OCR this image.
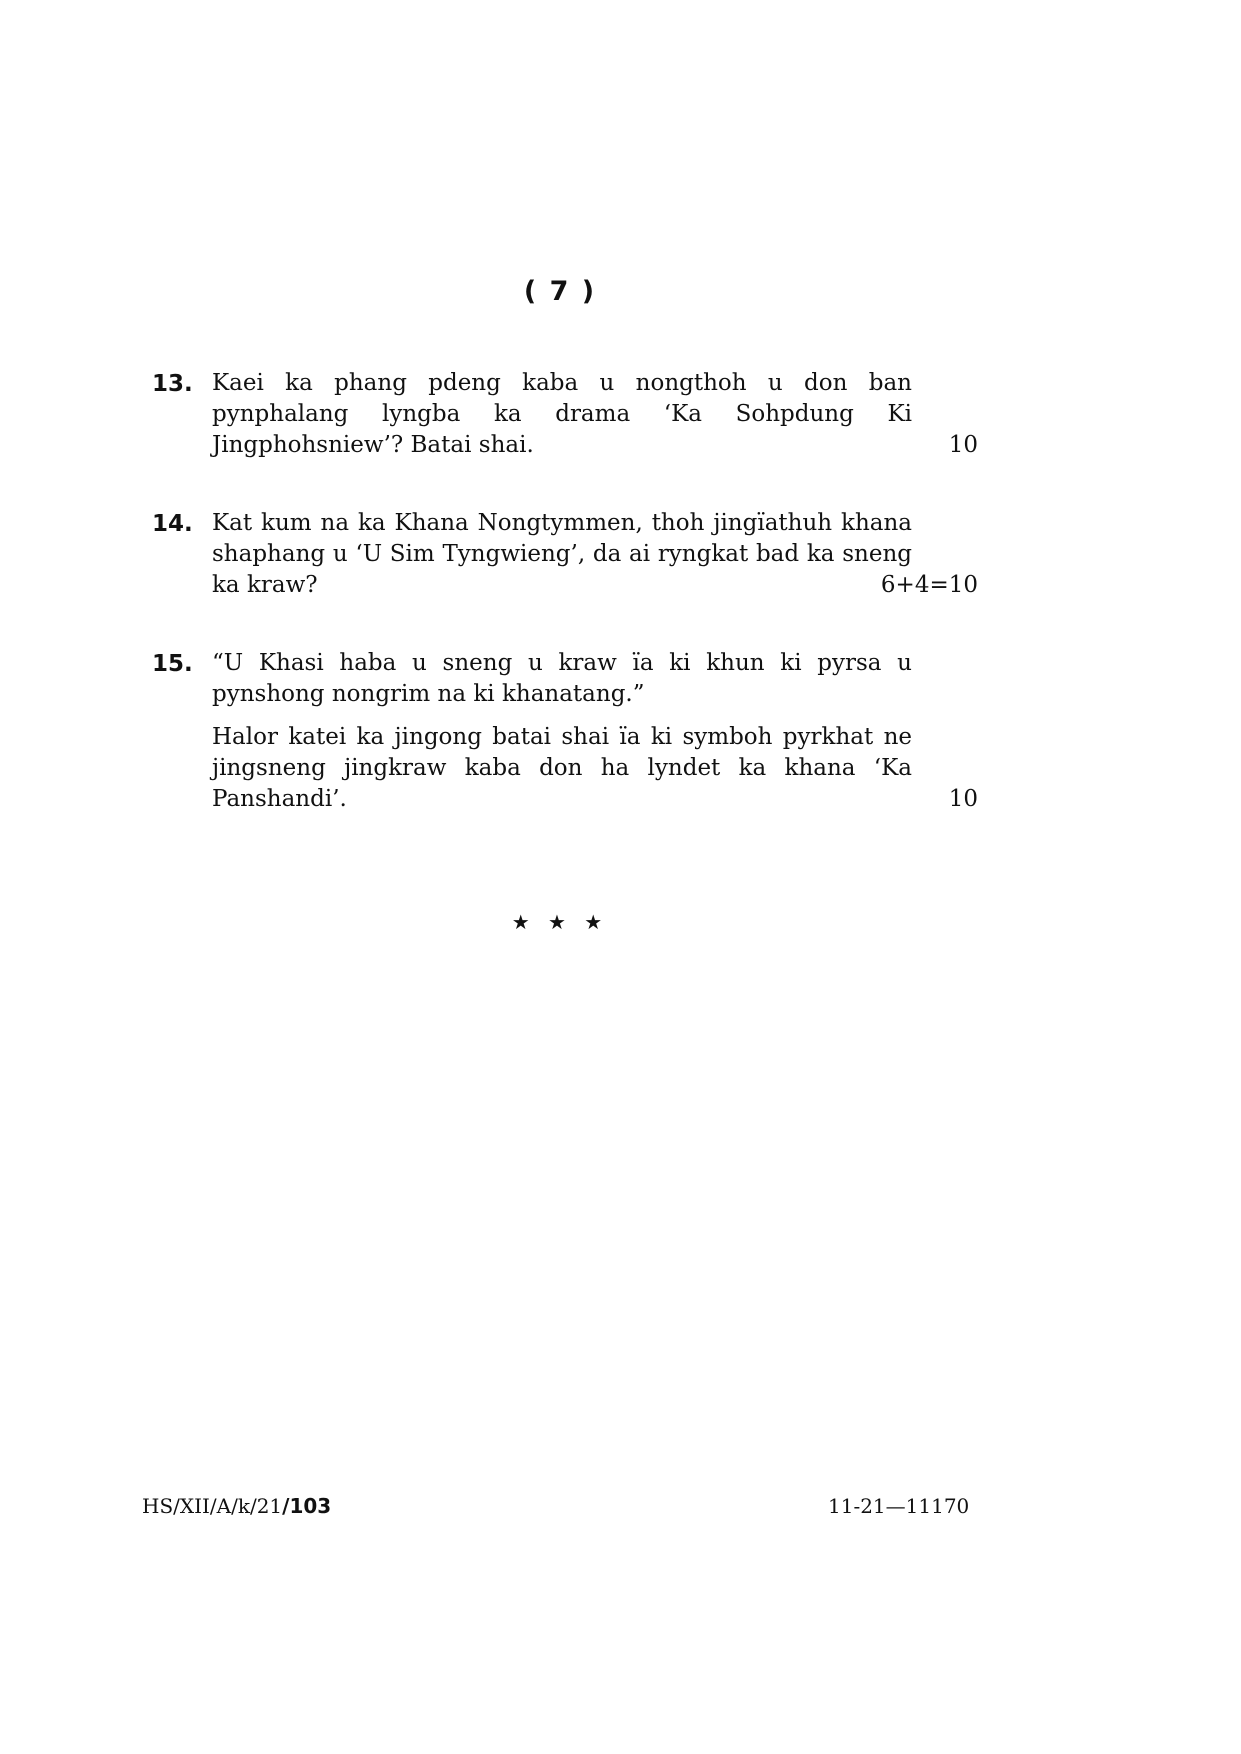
( 7 )
13. Kaei ka phang pdeng kaba u nongthoh u don ban pynphalang lyngba ka drama ‘Ka Sohpdung Ki Jingphohsniew’? Batai shai.	10
14. Kat kum na ka Khana Nongtymmen, thoh jingïathuh khana shaphang u ‘U Sim Tyngwieng’, da ai ryngkat bad ka sneng ka kraw?	6+4=10
15. “U Khasi haba u sneng u kraw ïa ki khun ki pyrsa u pynshong nongrim na ki khanatang.”
Halor katei ka jingong batai shai ïa ki symboh pyrkhat ne jingsneng jingkraw kaba don ha lyndet ka khana ‘Ka Panshandi’.	10
★ ★ ★
HS/XII/A/k/21/103	11-21—11170
